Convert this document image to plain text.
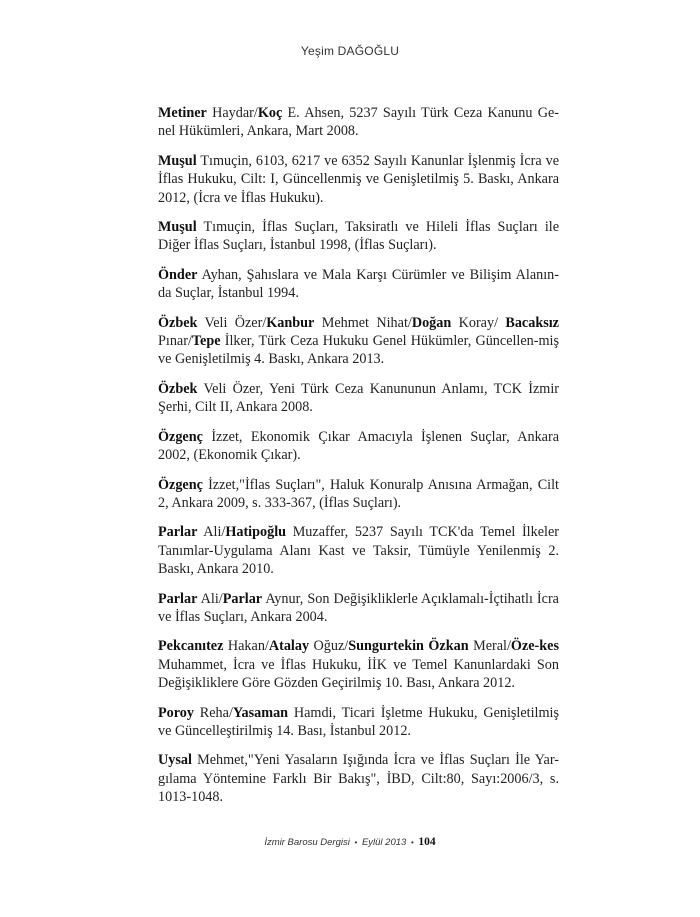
Yeşim DAĞOĞLU

Metiner Haydar/Koç E. Ahsen, 5237 Sayılı Türk Ceza Kanunu Ge-nel Hükümleri, Ankara, Mart 2008.

Muşul Tımuçin, 6103, 6217 ve 6352 Sayılı Kanunlar İşlenmiş İcra ve İflas Hukuku, Cilt: I, Güncellenmiş ve Genişletilmiş 5. Baskı, Ankara 2012, (İcra ve İflas Hukuku).

Muşul Tımuçin, İflas Suçları, Taksiratlı ve Hileli İflas Suçları ile Diğer İflas Suçları, İstanbul 1998, (İflas Suçları).

Önder Ayhan, Şahıslara ve Mala Karşı Cürümler ve Bilişim Alanın-da Suçlar, İstanbul 1994.

Özbek Veli Özer/Kanbur Mehmet Nihat/Doğan Koray/ Bacaksız Pınar/Tepe İlker, Türk Ceza Hukuku Genel Hükümler, Güncellen-miş ve Genişletilmiş 4. Baskı, Ankara 2013.

Özbek Veli Özer, Yeni Türk Ceza Kanununun Anlamı, TCK İzmir Şerhi, Cilt II, Ankara 2008.

Özgenç İzzet, Ekonomik Çıkar Amacıyla İşlenen Suçlar, Ankara 2002, (Ekonomik Çıkar).

Özgenç İzzet,"İflas Suçları", Haluk Konuralp Anısına Armağan, Cilt 2, Ankara 2009, s. 333-367, (İflas Suçları).

Parlar Ali/Hatipoğlu Muzaffer, 5237 Sayılı TCK'da Temel İlkeler Tanımlar-Uygulama Alanı Kast ve Taksir, Tümüyle Yenilenmiş 2. Baskı, Ankara 2010.

Parlar Ali/Parlar Aynur, Son Değişikliklerle Açıklamalı-İçtihatlı İcra ve İflas Suçları, Ankara 2004.

Pekcanıtez Hakan/Atalay Oğuz/Sungurtekin Özkan Meral/Öze-kes Muhammet, İcra ve İflas Hukuku, İİK ve Temel Kanunlardaki Son Değişikliklere Göre Gözden Geçirilmiş 10. Bası, Ankara 2012.

Poroy Reha/Yasaman Hamdi, Ticari İşletme Hukuku, Genişletilmiş ve Güncelleştirilmiş 14. Bası, İstanbul 2012.

Uysal Mehmet,"Yeni Yasaların Işığında İcra ve İflas Suçları İle Yar-gılama Yöntemine Farklı Bir Bakış", İBD, Cilt:80, Sayı:2006/3, s. 1013-1048.

İzmir Barosu Dergisi • Eylül 2013 • 104
